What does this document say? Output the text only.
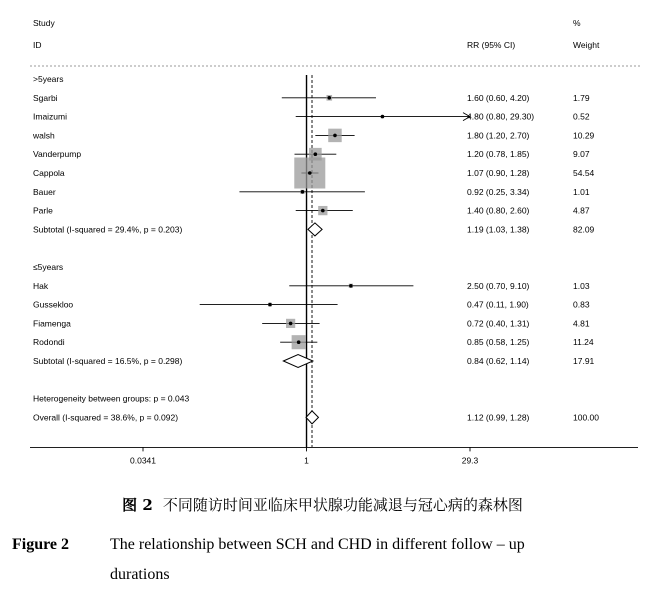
Study
ID	RR (95% CI)
%
Weight
>5years
Sgarbi	1.60 (0.60, 4.20)	1.79
Imaizumi	4.80 (0.80, 29.30)	0.52
walsh	1.80 (1.20, 2.70)	10.29
Vanderpump	1.20 (0.78, 1.85)	9.07
Cappola	1.07 (0.90, 1.28)	54.54
Bauer	0.92 (0.25, 3.34)	1.01
Parle	1.40 (0.80, 2.60)	4.87
Subtotal (I-squared = 29.4%, p = 0.203)	1.19 (1.03, 1.38)	82.09
≤5years
Hak	2.50 (0.70, 9.10)	1.03
Gussekloo	0.47 (0.11, 1.90)	0.83
Fiamenga	0.72 (0.40, 1.31)	4.81
Rodondi	0.85 (0.58, 1.25)	11.24
Subtotal (I-squared = 16.5%, p = 0.298)	0.84 (0.62, 1.14)	17.91
Heterogeneity between groups: p = 0.043
Overall (I-squared = 38.6%, p = 0.092)	1.12 (0.99, 1.28)	100.00
0.0341	1	29.3
图 2 不同随访时间亚临床甲状腺功能减退与冠心病的森林图
Figure 2	The relationship between SCH and CHD in different follow – up
durations
